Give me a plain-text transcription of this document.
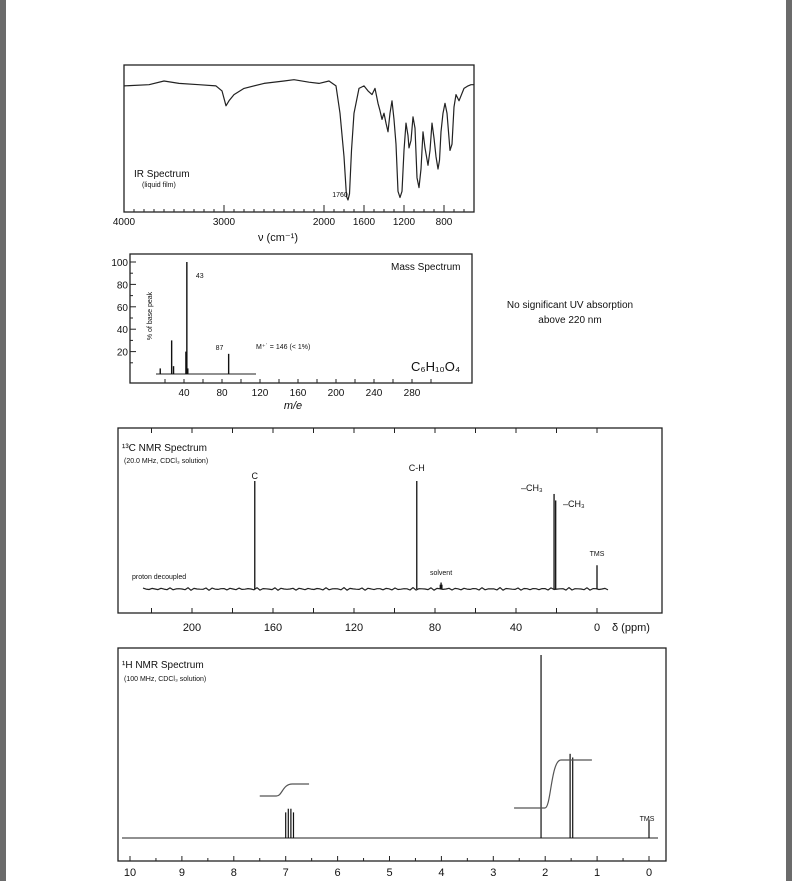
4000	3000	2000 1600 1200 800
ν (cm⁻¹)
IR Spectrum
(liquid film)
1760
43
87	M⁺˙ = 146 (< 1%)
Mass Spectrum
C₆H₁₀O₄
40	80 120 160 200 240 280
m/e
20
40
60
80
100
% of base peak
C
C-H
solvent
–CH₃
–CH₃
TMS
proton decoupled
¹³C NMR Spectrum
(20.0 MHz, CDCl₃ solution)
200	160	120	80	40	0 δ (ppm)
TMS
¹H NMR Spectrum
(100 MHz, CDCl₃ solution)
10	9	8	7	6	5	4	3	2	1	0
No significant UV absorption above 220 nm
